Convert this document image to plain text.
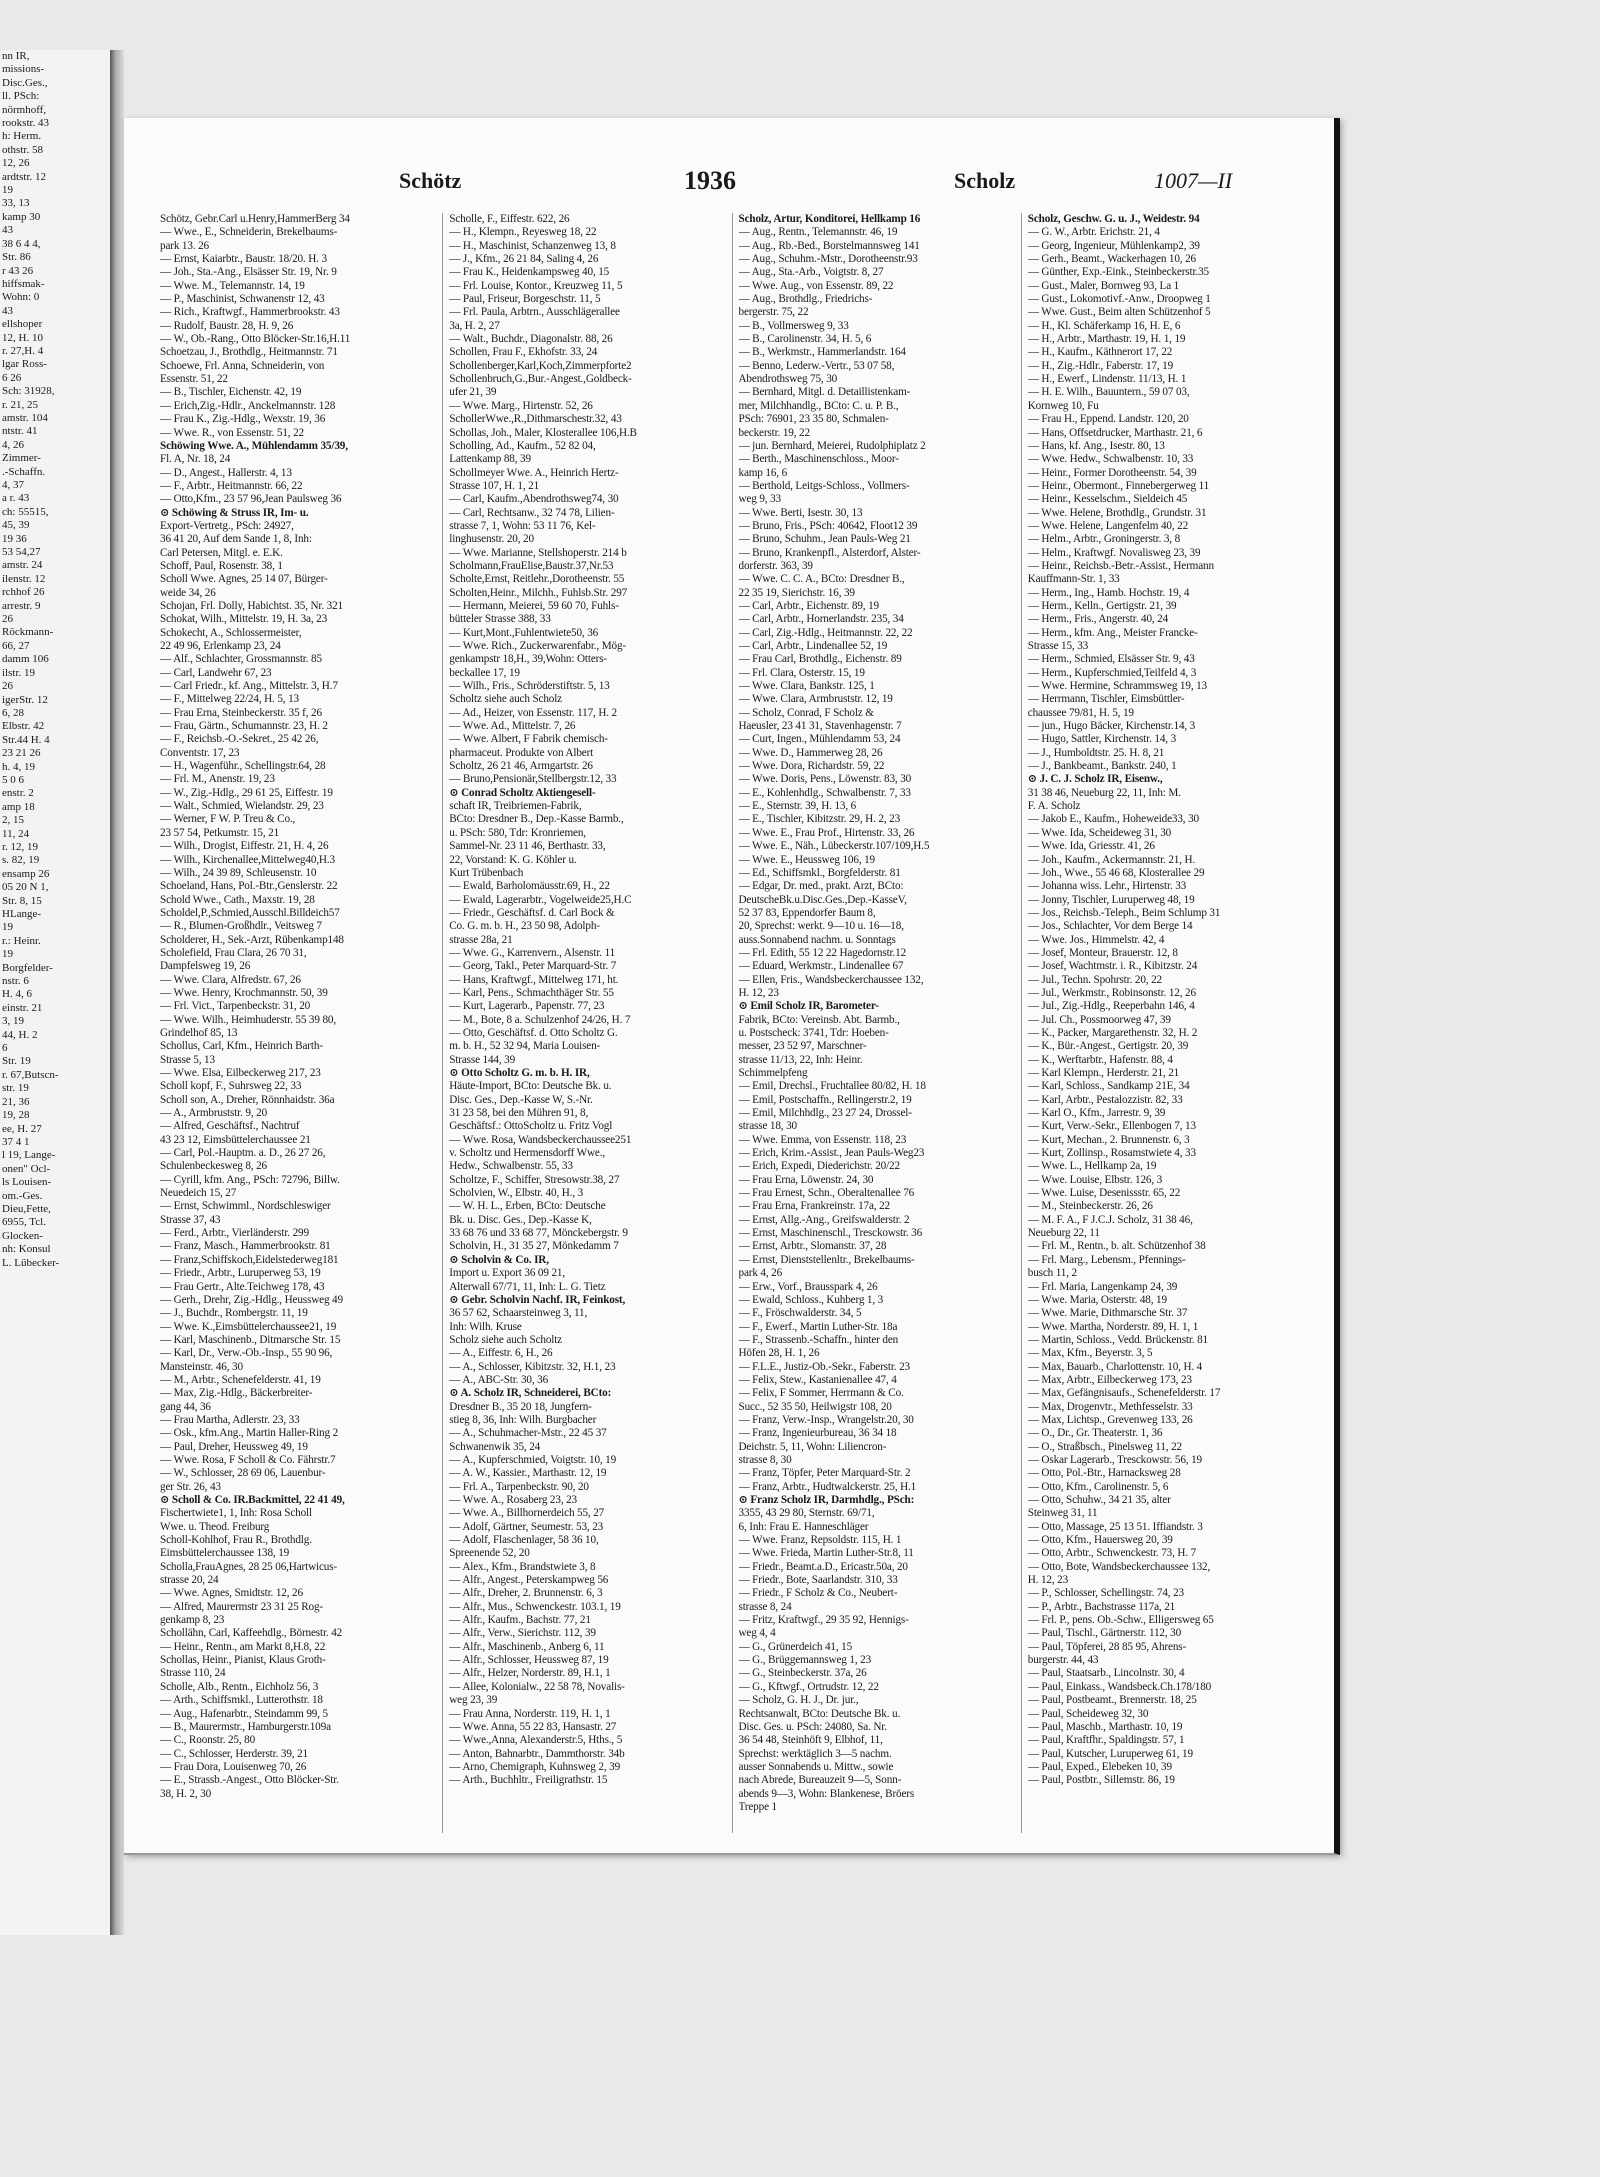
nn IR,
missions-
Disc.Ges.,
ll. PSch:
nörmhoff,
rookstr. 43
h: Herm.
othstr. 58
12, 26
ardtstr. 12
19
33, 13
kamp 30
43
38 6 4 4,
Str. 86
r 43 26
hiffsmak-
Wohn: 0
43
ellshoper
12, H. 10
r. 27,H. 4
lgar Ross-
6 26
Sch: 31928,
r. 21, 25
amstr. 104
ntstr. 41
4, 26
Zimmer-
.-Schaffn.
4, 37
a r. 43
ch: 55515,
45, 39
19 36
53 54,27
amstr. 24
ilenstr. 12
rchhof 26
arrestr. 9
26
Röckmann-
66, 27
damm 106
ilstr. 19
26
igerStr. 12
6, 28
Elbstr. 42
Str.44 H. 4
23 21 26
h. 4, 19
5 0 6
enstr. 2
amp 18
2, 15
11, 24
r. 12, 19
s. 82, 19
ensamp 26
05 20 N 1,
Str. 8, 15
HLange-
19
r.: Heinr.
19
Borgfelder-
nstr. 6
H. 4, 6
einstr. 21
3, 19
44, H. 2
6
Str. 19
r. 67,Butscn-
str. 19
21, 36
19, 28
ee, H. 27
37 4 1
l 19, Lange-
onen" Ocl-
ls Louisen-
om.-Ges.
Dieu,Fette,
6955, Tcl.
Glocken-
nh: Konsul
L. Lübecker-
Schötz	1936	Scholz	1007—II
Schötz, Gebr.Carl u.Henry,HammerBerg 34
— Wwe., E., Schneiderin, Brekelbaums-
park 13. 26
— Ernst, Kaiarbtr., Baustr. 18/20. H. 3
— Joh., Sta.-Ang., Elsässer Str. 19, Nr. 9
— Wwe. M., Telemannstr. 14, 19
— P., Maschinist, Schwanenstr 12, 43
— Rich., Kraftwgf., Hammerbrookstr. 43
— Rudolf, Baustr. 28, H. 9, 26
— W., Ob.-Rang., Otto Blöcker-Str.16,H.11
Schoetzau, J., Brothdlg., Heitmannstr. 71
Schoewe, Frl. Anna, Schneiderin, von
Essenstr. 51, 22
— B., Tischler, Eichenstr. 42, 19
— Erich,Zig.-Hdlr., Anckelmannstr. 128
— Frau K., Zig.-Hdlg., Wexstr. 19, 36
— Wwe. R., von Essenstr. 51, 22
Schöwing Wwe. A., Mühlendamm 35/39,
Fl. A, Nr. 18, 24
— D., Angest., Hallerstr. 4, 13
— F., Arbtr., Heitmannstr. 66, 22
— Otto,Kfm., 23 57 96,Jean Paulsweg 36
⊙ Schöwing & Struss IR, Im- u.
Export-Vertretg., PSch: 24927,
36 41 20, Auf dem Sande 1, 8, Inh:
Carl Petersen, Mitgl. e. E.K.
Schoff, Paul, Rosenstr. 38, 1
Scholl Wwe. Agnes, 25 14 07, Bürger-
weide 34, 26
Schojan, Frl. Dolly, Habichtst. 35, Nr. 321
Schokat, Wilh., Mittelstr. 19, H. 3a, 23
Schokecht, A., Schlossermeister,
22 49 96, Erlenkamp 23, 24
— Alf., Schlachter, Grossmannstr. 85
— Carl, Landwehr 67, 23
— Carl Friedr., kf. Ang., Mittelstr. 3, H.7
— F., Mittelweg 22/24, H. 5, 13
— Frau Erna, Steinbeckerstr. 35 f, 26
— Frau, Gärtn., Schumannstr. 23, H. 2
— F., Reichsb.-O.-Sekret., 25 42 26,
Conventstr. 17, 23
— H., Wagenführ., Schellingstr.64, 28
— Frl. M., Anenstr. 19, 23
— W., Zig.-Hdlg., 29 61 25, Eiffestr. 19
— Walt., Schmied, Wielandstr. 29, 23
— Werner, F W. P. Treu & Co.,
23 57 54, Petkumstr. 15, 21
— Wilh., Drogist, Eiffestr. 21, H. 4, 26
— Wilh., Kirchenallee,Mittelweg40,H.3
— Wilh., 24 39 89, Schleusenstr. 10
Schoeland, Hans, Pol.-Btr.,Genslerstr. 22
Schold Wwe., Cath., Maxstr. 19, 28
Scholdel,P.,Schmied,Ausschl.Billdeich57
— R., Blumen-Großhdlr., Veitsweg 7
Scholderer, H., Sek.-Arzt, Rübenkamp148
Scholefield, Frau Clara, 26 70 31,
Dampfelsweg 19, 26
— Wwe. Clara, Alfredstr. 67, 26
— Wwe. Henry, Krochmannstr. 50, 39
— Frl. Vict., Tarpenbeckstr. 31, 20
— Wwe. Wilh., Heimhuderstr. 55 39 80,
Grindelhof 85, 13
Schollus, Carl, Kfm., Heinrich Barth-
Strasse 5, 13
— Wwe. Elsa, Eilbeckerweg 217, 23
Scholl kopf, F., Suhrsweg 22, 33
Scholl son, A., Dreher, Rönnhaidstr. 36a
— A., Armbruststr. 9, 20
— Alfred, Geschäftsf., Nachtruf
43 23 12, Eimsbüttelerchaussee 21
— Carl, Pol.-Hauptm. a. D., 26 27 26,
Schulenbeckesweg 8, 26
— Cyrill, kfm. Ang., PSch: 72796, Billw.
Neuedeich 15, 27
— Ernst, Schwimml., Nordschleswiger
Strasse 37, 43
— Ferd., Arbtr., Vierländerstr. 299
— Franz, Masch., Hammerbrookstr. 81
— Franz,Schiffskoch,Eidelstederweg181
— Friedr., Arbtr., Luruperweg 53, 19
— Frau Gertr., Alte.Teichweg 178, 43
— Gerh., Drehr, Zig.-Hdlg., Heussweg 49
— J., Buchdr., Rombergstr. 11, 19
— Wwe. K.,Eimsbüttelerchaussee21, 19
— Karl, Maschinenb., Ditmarsche Str. 15
— Karl, Dr., Verw.-Ob.-Insp., 55 90 96,
Mansteinstr. 46, 30
— M., Arbtr., Schenefelderstr. 41, 19
— Max, Zig.-Hdlg., Bäckerbreiter-
gang 44, 36
— Frau Martha, Adlerstr. 23, 33
— Osk., kfm.Ang., Martin Haller-Ring 2
— Paul, Dreher, Heussweg 49, 19
— Wwe. Rosa, F Scholl & Co. Fährstr.7
— W., Schlosser, 28 69 06, Lauenbur-
ger Str. 26, 43
⊙ Scholl & Co. IR.Backmittel, 22 41 49,
Fischertwiete1, 1, Inh: Rosa Scholl
Wwe. u. Theod. Freiburg
Scholl-Kohlhof, Frau R., Brothdlg.
Eimsbüttelerchaussee 138, 19
Scholla,FrauAgnes, 28 25 06,Hartwicus-
strasse 20, 24
— Wwe. Agnes, Smidtstr. 12, 26
— Alfred, Maurermstr 23 31 25 Rog-
genkamp 8, 23
Schollähn, Carl, Kaffeehdlg., Börnestr. 42
— Heinr., Rentn., am Markt 8,H.8, 22
Schollas, Heinr., Pianist, Klaus Groth-
Strasse 110, 24
Scholle, Alb., Rentn., Eichholz 56, 3
— Arth., Schiffsmkl., Lutterothstr. 18
— Aug., Hafenarbtr., Steindamm 99, 5
— B., Maurermstr., Hamburgerstr.109a
— C., Roonstr. 25, 80
— C., Schlosser, Herderstr. 39, 21
— Frau Dora, Louisenweg 70, 26
— E., Strassb.-Angest., Otto Blöcker-Str.
38, H. 2, 30
Scholle, F., Eiffestr. 622, 26
— H., Klempn., Reyesweg 18, 22
— H., Maschinist, Schanzenweg 13, 8
— J., Kfm., 26 21 84, Saling 4, 26
— Frau K., Heidenkampsweg 40, 15
— Frl. Louise, Kontor., Kreuzweg 11, 5
— Paul, Friseur, Borgeschstr. 11, 5
— Frl. Paula, Arbtrn., Ausschlägerallee
3a, H. 2, 27
— Walt., Buchdr., Diagonalstr. 88, 26
Schollen, Frau F., Ekhofstr. 33, 24
Schollenberger,Karl,Koch,Zimmerpforte2
Schollenbruch,G.,Bur.-Angest.,Goldbeck-
ufer 21, 39
— Wwe. Marg., Hirtenstr. 52, 26
SchollerWwe.,R.,Dithmarschestr.32, 43
Schollas, Joh., Maler, Klosterallee 106,H.B
Scholling, Ad., Kaufm., 52 82 04,
Lattenkamp 88, 39
Schollmeyer Wwe. A., Heinrich Hertz-
Strasse 107, H. 1, 21
— Carl, Kaufm.,Abendrothsweg74, 30
— Carl, Rechtsanw., 32 74 78, Lilien-
strasse 7, 1, Wohn: 53 11 76, Kel-
linghusenstr. 20, 20
— Wwe. Marianne, Stellshoperstr. 214 b
Scholmann,FrauElise,Baustr.37,Nr.53
Scholte,Ernst, Reitlehr.,Dorotheenstr. 55
Scholten,Heinr., Milchh., Fuhlsb.Str. 297
— Hermann, Meierei, 59 60 70, Fuhls-
bütteler Strasse 388, 33
— Kurt,Mont.,Fuhlentwiete50, 36
— Wwe. Rich., Zuckerwarenfabr., Mög-
genkampstr 18,H., 39,Wohn: Otters-
beckallee 17, 19
— Wilh., Fris., Schröderstiftstr. 5, 13
Scholtz siehe auch Scholz
— Ad., Heizer, von Essenstr. 117, H. 2
— Wwe. Ad., Mittelstr. 7, 26
— Wwe. Albert, F Fabrik chemisch-
pharmaceut. Produkte von Albert
Scholtz, 26 21 46, Armgartstr. 26
— Bruno,Pensionär,Stellbergstr.12, 33
⊙ Conrad Scholtz Aktiengesell-
schaft IR, Treibriemen-Fabrik,
BCto: Dresdner B., Dep.-Kasse Barmb.,
u. PSch: 580, Tdr: Kronriemen,
Sammel-Nr. 23 11 46, Berthastr. 33,
22, Vorstand: K. G. Köhler u.
Kurt Trübenbach
— Ewald, Barholomäusstr.69, H., 22
— Ewald, Lagerarbtr., Vogelweide25,H.C
— Friedr., Geschäftsf. d. Carl Bock &
Co. G. m. b. H., 23 50 98, Adolph-
strasse 28a, 21
— Wwe. G., Karrenvern., Alsenstr. 11
— Georg, Takl., Peter Marquard-Str. 7
— Hans, Kraftwgf., Mittelweg 171, ht.
— Karl, Pens., Schmachthäger Str. 55
— Kurt, Lagerarb., Papenstr. 77, 23
— M., Bote, 8 a. Schulzenhof 24/26, H. 7
— Otto, Geschäftsf. d. Otto Scholtz G.
m. b. H., 52 32 94, Maria Louisen-
Strasse 144, 39
⊙ Otto Scholtz G. m. b. H. IR,
Häute-Import, BCto: Deutsche Bk. u.
Disc. Ges., Dep.-Kasse W, S.-Nr.
31 23 58, bei den Mühren 91, 8,
Geschäftsf.: OttoScholtz u. Fritz Vogl
— Wwe. Rosa, Wandsbeckerchaussee251
v. Scholtz und Hermensdorff Wwe.,
Hedw., Schwalbenstr. 55, 33
Scholtze, F., Schiffer, Stresowstr.38, 27
Scholvien, W., Elbstr. 40, H., 3
— W. H. L., Erben, BCto: Deutsche
Bk. u. Disc. Ges., Dep.-Kasse K,
33 68 76 und 33 68 77, Mönckebergstr. 9
Scholvin, H., 31 35 27, Mönkedamm 7
⊙ Scholvin & Co. IR,
Import u. Export 36 09 21,
Alterwall 67/71, 11, Inh: L. G. Tietz
⊙ Gebr. Scholvin Nachf. IR, Feinkost,
36 57 62, Schaarsteinweg 3, 11,
Inh: Wilh. Kruse
Scholz siehe auch Scholtz
— A., Eiffestr. 6, H., 26
— A., Schlosser, Kibitzstr. 32, H.1, 23
— A., ABC-Str. 30, 36
⊙ A. Scholz IR, Schneiderei, BCto:
Dresdner B., 35 20 18, Jungfern-
stieg 8, 36, Inh: Wilh. Burgbacher
— A., Schuhmacher-Mstr., 22 45 37
Schwanenwik 35, 24
— A., Kupferschmied, Voigtstr. 10, 19
— A. W., Kassier., Marthastr. 12, 19
— Frl. A., Tarpenbeckstr. 90, 20
— Wwe. A., Rosaberg 23, 23
— Wwe. A., Billhornerdeich 55, 27
— Adolf, Gärtner, Seumestr. 53, 23
— Adolf, Flaschenlager, 58 36 10,
Spreenende 52, 20
— Alex., Kfm., Brandstwiete 3, 8
— Alfr., Angest., Peterskampweg 56
— Alfr., Dreher, 2. Brunnenstr. 6, 3
— Alfr., Mus., Schwenckestr. 103.1, 19
— Alfr., Kaufm., Bachstr. 77, 21
— Alfr., Verw., Sierichstr. 112, 39
— Alfr., Maschinenb., Anberg 6, 11
— Alfr., Schlosser, Heussweg 87, 19
— Alfr., Helzer, Norderstr. 89, H.1, 1
— Allee, Kolonialw., 22 58 78, Novalis-
weg 23, 39
— Frau Anna, Norderstr. 119, H. 1, 1
— Wwe. Anna, 55 22 83, Hansastr. 27
— Wwe.,Anna, Alexanderstr.5, Hths., 5
— Anton, Bahnarbtr., Dammthorstr. 34b
— Arno, Chemigraph, Kuhnsweg 2, 39
— Arth., Buchhltr., Freiligrathstr. 15
Scholz, Artur, Konditorei, Hellkamp 16
— Aug., Rentn., Telemannstr. 46, 19
— Aug., Rb.-Bed., Borstelmannsweg 141
— Aug., Schuhm.-Mstr., Dorotheenstr.93
— Aug., Sta.-Arb., Voigtstr. 8, 27
— Wwe. Aug., von Essenstr. 89, 22
— Aug., Brothdlg., Friedrichs-
bergerstr. 75, 22
— B., Vollmersweg 9, 33
— B., Carolinenstr. 34, H. 5, 6
— B., Werkmstr., Hammerlandstr. 164
— Benno, Lederw.-Vertr., 53 07 58,
Abendrothsweg 75, 30
— Bernhard, Mitgl. d. Detaillistenkam-
mer, Milchhandlg., BCto: C. u. P. B.,
PSch: 76901, 23 35 80, Schmalen-
beckerstr. 19, 22
— jun. Bernhard, Meierei, Rudolphiplatz 2
— Berth., Maschinenschloss., Moor-
kamp 16, 6
— Berthold, Leitgs-Schloss., Vollmers-
weg 9, 33
— Wwe. Berti, Isestr. 30, 13
— Bruno, Fris., PSch: 40642, Floot12 39
— Bruno, Schuhm., Jean Pauls-Weg 21
— Bruno, Krankenpfl., Alsterdorf, Alster-
dorferstr. 363, 39
— Wwe. C. C. A., BCto: Dresdner B.,
22 35 19, Sierichstr. 16, 39
— Carl, Arbtr., Eichenstr. 89, 19
— Carl, Arbtr., Hornerlandstr. 235, 34
— Carl, Zig.-Hdlg., Heitmannstr. 22, 22
— Carl, Arbtr., Lindenallee 52, 19
— Frau Carl, Brothdlg., Eichenstr. 89
— Frl. Clara, Osterstr. 15, 19
— Wwe. Clara, Bankstr. 125, 1
— Wwe. Clara, Armbruststr. 12, 19
— Scholz, Conrad, F Scholz &
Haeusler, 23 41 31, Stavenhagenstr. 7
— Curt, Ingen., Mühlendamm 53, 24
— Wwe. D., Hammerweg 28, 26
— Wwe. Dora, Richardstr. 59, 22
— Wwe. Doris, Pens., Löwenstr. 83, 30
— E., Kohlenhdlg., Schwalbenstr. 7, 33
— E., Sternstr. 39, H. 13, 6
— E., Tischler, Kibitzstr. 29, H. 2, 23
— Wwe. E., Frau Prof., Hirtenstr. 33, 26
— Wwe. E., Näh., Lübeckerstr.107/109,H.5
— Wwe. E., Heussweg 106, 19
— Ed., Schiffsmkl., Borgfelderstr. 81
— Edgar, Dr. med., prakt. Arzt, BCto:
DeutscheBk.u.Disc.Ges.,Dep.-KasseV,
52 37 83, Eppendorfer Baum 8,
20, Sprechst: werkt. 9—10 u. 16—18,
auss.Sonnabend nachm. u. Sonntags
— Frl. Edith, 55 12 22 Hagedornstr.12
— Eduard, Werkmstr., Lindenallee 67
— Ellen, Fris., Wandsbeckerchaussee 132,
H. 12, 23
⊙ Emil Scholz IR, Barometer-
Fabrik, BCto: Vereinsb. Abt. Barmb.,
u. Postscheck: 3741, Tdr: Hoeben-
messer, 23 52 97, Marschner-
strasse 11/13, 22, Inh: Heinr.
Schimmelpfeng
— Emil, Drechsl., Fruchtallee 80/82, H. 18
— Emil, Postschaffn., Rellingerstr.2, 19
— Emil, Milchhdlg., 23 27 24, Drossel-
strasse 18, 30
— Wwe. Emma, von Essenstr. 118, 23
— Erich, Krim.-Assist., Jean Pauls-Weg23
— Erich, Expedi, Diederichstr. 20/22
— Frau Erna, Löwenstr. 24, 30
— Frau Ernest, Schn., Oberaltenallee 76
— Frau Erna, Frankreinstr. 17a, 22
— Ernst, Allg.-Ang., Greifswalderstr. 2
— Ernst, Maschinenschl., Tresckowstr. 36
— Ernst, Arbtr., Slomanstr. 37, 28
— Ernst, Dienststellenltr., Brekelbaums-
park 4, 26
— Erw., Vorf., Brausspark 4, 26
— Ewald, Schloss., Kuhberg 1, 3
— F., Fröschwalderstr. 34, 5
— F., Ewerf., Martin Luther-Str. 18a
— F., Strassenb.-Schaffn., hinter den
Höfen 28, H. 1, 26
— F.L.E., Justiz-Ob.-Sekr., Faberstr. 23
— Felix, Stew., Kastanienallee 47, 4
— Felix, F Sommer, Herrmann & Co.
Succ., 52 35 50, Heilwigstr 108, 20
— Franz, Verw.-Insp., Wrangelstr.20, 30
— Franz, Ingenieurbureau, 36 34 18
Deichstr. 5, 11, Wohn: Liliencron-
strasse 8, 30
— Franz, Töpfer, Peter Marquard-Str. 2
— Franz, Arbtr., Hudtwalckerstr. 25, H.1
⊙ Franz Scholz IR, Darmhdlg., PSch:
3355, 43 29 80, Sternstr. 69/71,
6, Inh: Frau E. Hanneschläger
— Wwe. Franz, Repsoldstr. 115, H. 1
— Wwe. Frieda, Martin Luther-Str.8, 11
— Friedr., Beamt.a.D., Ericastr.50a, 20
— Friedr., Bote, Saarlandstr. 310, 33
— Friedr., F Scholz & Co., Neubert-
strasse 8, 24
— Fritz, Kraftwgf., 29 35 92, Hennigs-
weg 4, 4
— G., Grünerdeich 41, 15
— G., Brüggemannsweg 1, 23
— G., Steinbeckerstr. 37a, 26
— G., Kftwgf., Ortrudstr. 12, 22
— Scholz, G. H. J., Dr. jur.,
Rechtsanwalt, BCto: Deutsche Bk. u.
Disc. Ges. u. PSch: 24080, Sa. Nr.
36 54 48, Steinhöft 9, Elbhof, 11,
Sprechst: werktäglich 3—5 nachm.
ausser Sonnabends u. Mittw., sowie
nach Abrede, Bureauzeit 9—5, Sonn-
abends 9—3, Wohn: Blankenese, Bröers
Treppe 1
Scholz, Geschw. G. u. J., Weidestr. 94
— G. W., Arbtr. Erichstr. 21, 4
— Georg, Ingenieur, Mühlenkamp2, 39
— Gerh., Beamt., Wackerhagen 10, 26
— Günther, Exp.-Eink., Steinbeckerstr.35
— Gust., Maler, Bornweg 93, La 1
— Gust., Lokomotivf.-Anw., Droopweg 1
— Wwe. Gust., Beim alten Schützenhof 5
— H., Kl. Schäferkamp 16, H. E, 6
— H., Arbtr., Marthastr. 19, H. 1, 19
— H., Kaufm., Käthnerort 17, 22
— H., Zig.-Hdlr., Faberstr. 17, 19
— H., Ewerf., Lindenstr. 11/13, H. 1
— H. E. Wilh., Bauuntern., 59 07 03,
Kornweg 10, Fu
— Frau H., Eppend. Landstr. 120, 20
— Hans, Offsetdrucker, Marthastr. 21, 6
— Hans, kf. Ang., Isestr. 80, 13
— Wwe. Hedw., Schwalbenstr. 10, 33
— Heinr., Former Dorotheenstr. 54, 39
— Heinr., Obermont., Finnebergerweg 11
— Heinr., Kesselschm., Sieldeich 45
— Wwe. Helene, Brothdlg., Grundstr. 31
— Wwe. Helene, Langenfelm 40, 22
— Helm., Arbtr., Groningerstr. 3, 8
— Helm., Kraftwgf. Novalisweg 23, 39
— Heinr., Reichsb.-Betr.-Assist., Hermann
Kauffmann-Str. 1, 33
— Herm., Ing., Hamb. Hochstr. 19, 4
— Herm., Kelln., Gertigstr. 21, 39
— Herm., Fris., Angerstr. 40, 24
— Herm., kfm. Ang., Meister Francke-
Strasse 15, 33
— Herm., Schmied, Elsässer Str. 9, 43
— Herm., Kupferschmied,Teilfeld 4, 3
— Wwe. Hermine, Schrammsweg 19, 13
— Herrmann, Tischler, Eimsbüttler-
chaussee 79/81, H. 5, 19
— jun., Hugo Bäcker, Kirchenstr.14, 3
— Hugo, Sattler, Kirchenstr. 14, 3
— J., Humboldtstr. 25. H. 8, 21
— J., Bankbeamt., Bankstr. 240, 1
⊙ J. C. J. Scholz IR, Eisenw.,
31 38 46, Neueburg 22, 11, Inh: M.
F. A. Scholz
— Jakob E., Kaufm., Hoheweide33, 30
— Wwe. Ida, Scheideweg 31, 30
— Wwe. Ida, Griesstr. 41, 26
— Joh., Kaufm., Ackermannstr. 21, H.
— Joh., Wwe., 55 46 68, Klosterallee 29
— Johanna wiss. Lehr., Hirtenstr. 33
— Jonny, Tischler, Luruperweg 48, 19
— Jos., Reichsb.-Teleph., Beim Schlump 31
— Jos., Schlachter, Vor dem Berge 14
— Wwe. Jos., Himmelstr. 42, 4
— Josef, Monteur, Brauerstr. 12, 8
— Josef, Wachtmstr. i. R., Kibitzstr. 24
— Jul., Techn. Spohrstr. 20, 22
— Jul., Werkmstr., Robinsonstr. 12, 26
— Jul., Zig.-Hdlg., Reeperbahn 146, 4
— Jul. Ch., Possmoorweg 47, 39
— K., Packer, Margarethenstr. 32, H. 2
— K., Bür.-Angest., Gertigstr. 20, 39
— K., Werftarbtr., Hafenstr. 88, 4
— Karl Klempn., Herderstr. 21, 21
— Karl, Schloss., Sandkamp 21E, 34
— Karl, Arbtr., Pestalozzistr. 82, 33
— Karl O., Kfm., Jarrestr. 9, 39
— Kurt, Verw.-Sekr., Ellenbogen 7, 13
— Kurt, Mechan., 2. Brunnenstr. 6, 3
— Kurt, Zollinsp., Rosamstwiete 4, 33
— Wwe. L., Hellkamp 2a, 19
— Wwe. Louise, Elbstr. 126, 3
— Wwe. Luise, Desenissstr. 65, 22
— M., Steinbeckerstr. 26, 26
— M. F. A., F J.C.J. Scholz, 31 38 46,
Neueburg 22, 11
— Frl. M., Rentn., b. alt. Schützenhof 38
— Frl. Marg., Lebensm., Pfennings-
busch 11, 2
— Frl. Maria, Langenkamp 24, 39
— Wwe. Maria, Osterstr. 48, 19
— Wwe. Marie, Dithmarsche Str. 37
— Wwe. Martha, Norderstr. 89, H. 1, 1
— Martin, Schloss., Vedd. Brückenstr. 81
— Max, Kfm., Beyerstr. 3, 5
— Max, Bauarb., Charlottenstr. 10, H. 4
— Max, Arbtr., Eilbeckerweg 173, 23
— Max, Gefängnisaufs., Schenefelderstr. 17
— Max, Drogenvtr., Methfesselstr. 33
— Max, Lichtsp., Grevenweg 133, 26
— O., Dr., Gr. Theaterstr. 1, 36
— O., Straßbsch., Pinelsweg 11, 22
— Oskar Lagerarb., Tresckowstr. 56, 19
— Otto, Pol.-Btr., Harnacksweg 28
— Otto, Kfm., Carolinenstr. 5, 6
— Otto, Schuhw., 34 21 35, alter
Steinweg 31, 11
— Otto, Massage, 25 13 51. Iffiandstr. 3
— Otto, Kfm., Hauersweg 20, 39
— Otto, Arbtr., Schwenckestr. 73, H. 7
— Otto, Bote, Wandsbeckerchaussee 132,
H. 12, 23
— P., Schlosser, Schellingstr. 74, 23
— P., Arbtr., Bachstrasse 117a, 21
— Frl. P., pens. Ob.-Schw., Elligersweg 65
— Paul, Tischl., Gärtnerstr. 112, 30
— Paul, Töpferei, 28 85 95, Ahrens-
burgerstr. 44, 43
— Paul, Staatsarb., Lincolnstr. 30, 4
— Paul, Einkass., Wandsbeck.Ch.178/180
— Paul, Postbeamt., Brennerstr. 18, 25
— Paul, Scheideweg 32, 30
— Paul, Maschb., Marthastr. 10, 19
— Paul, Kraftfhr., Spaldingstr. 57, 1
— Paul, Kutscher, Luruperweg 61, 19
— Paul, Exped., Elebeken 10, 39
— Paul, Postbtr., Sillemstr. 86, 19
